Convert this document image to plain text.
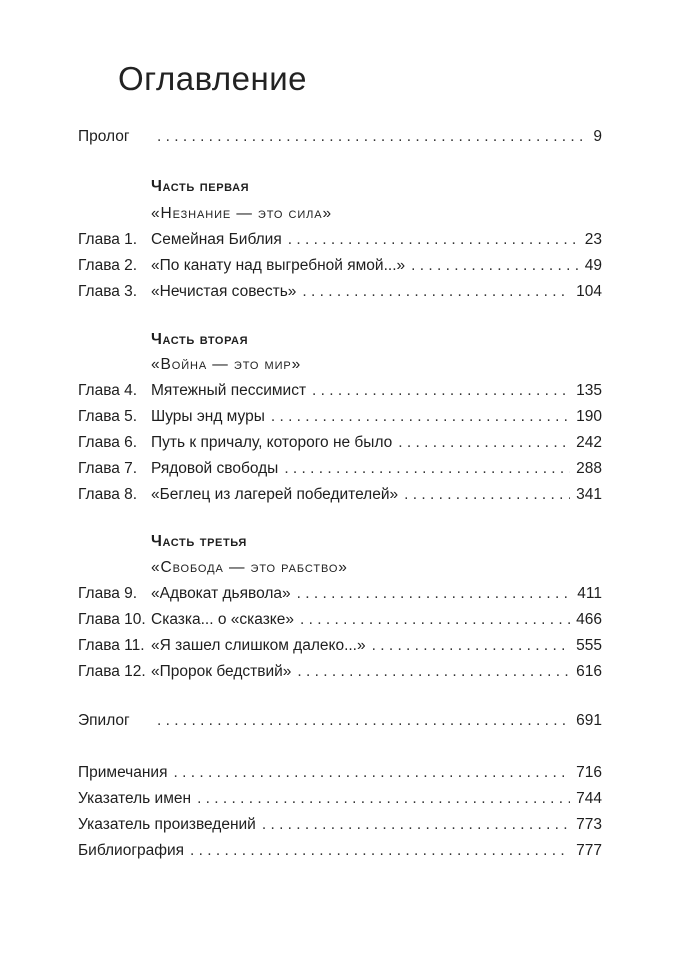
Оглавление
Пролог . . .	9
Часть первая
«Незнание — это сила»
Глава 1. Семейная Библия . . .	23
Глава 2. «По канату над выгребной ямой...» . . .	49
Глава 3. «Нечистая совесть» . . .	104
Часть вторая
«Война — это мир»
Глава 4. Мятежный пессимист . . .	135
Глава 5. Шуры энд муры . . .	190
Глава 6. Путь к причалу, которого не было . . .	242
Глава 7. Рядовой свободы . . .	288
Глава 8. «Беглец из лагерей победителей» . . .	341
Часть третья
«Свобода — это рабство»
Глава 9. «Адвокат дьявола» . . .	411
Глава 10. Сказка... о «сказке» . . .	466
Глава 11. «Я зашел слишком далеко...» . . .	555
Глава 12. «Пророк бедствий» . . .	616
Эпилог . . .	691
Примечания . . .	716
Указатель имен . . .	744
Указатель произведений . . .	773
Библиография . . .	777
